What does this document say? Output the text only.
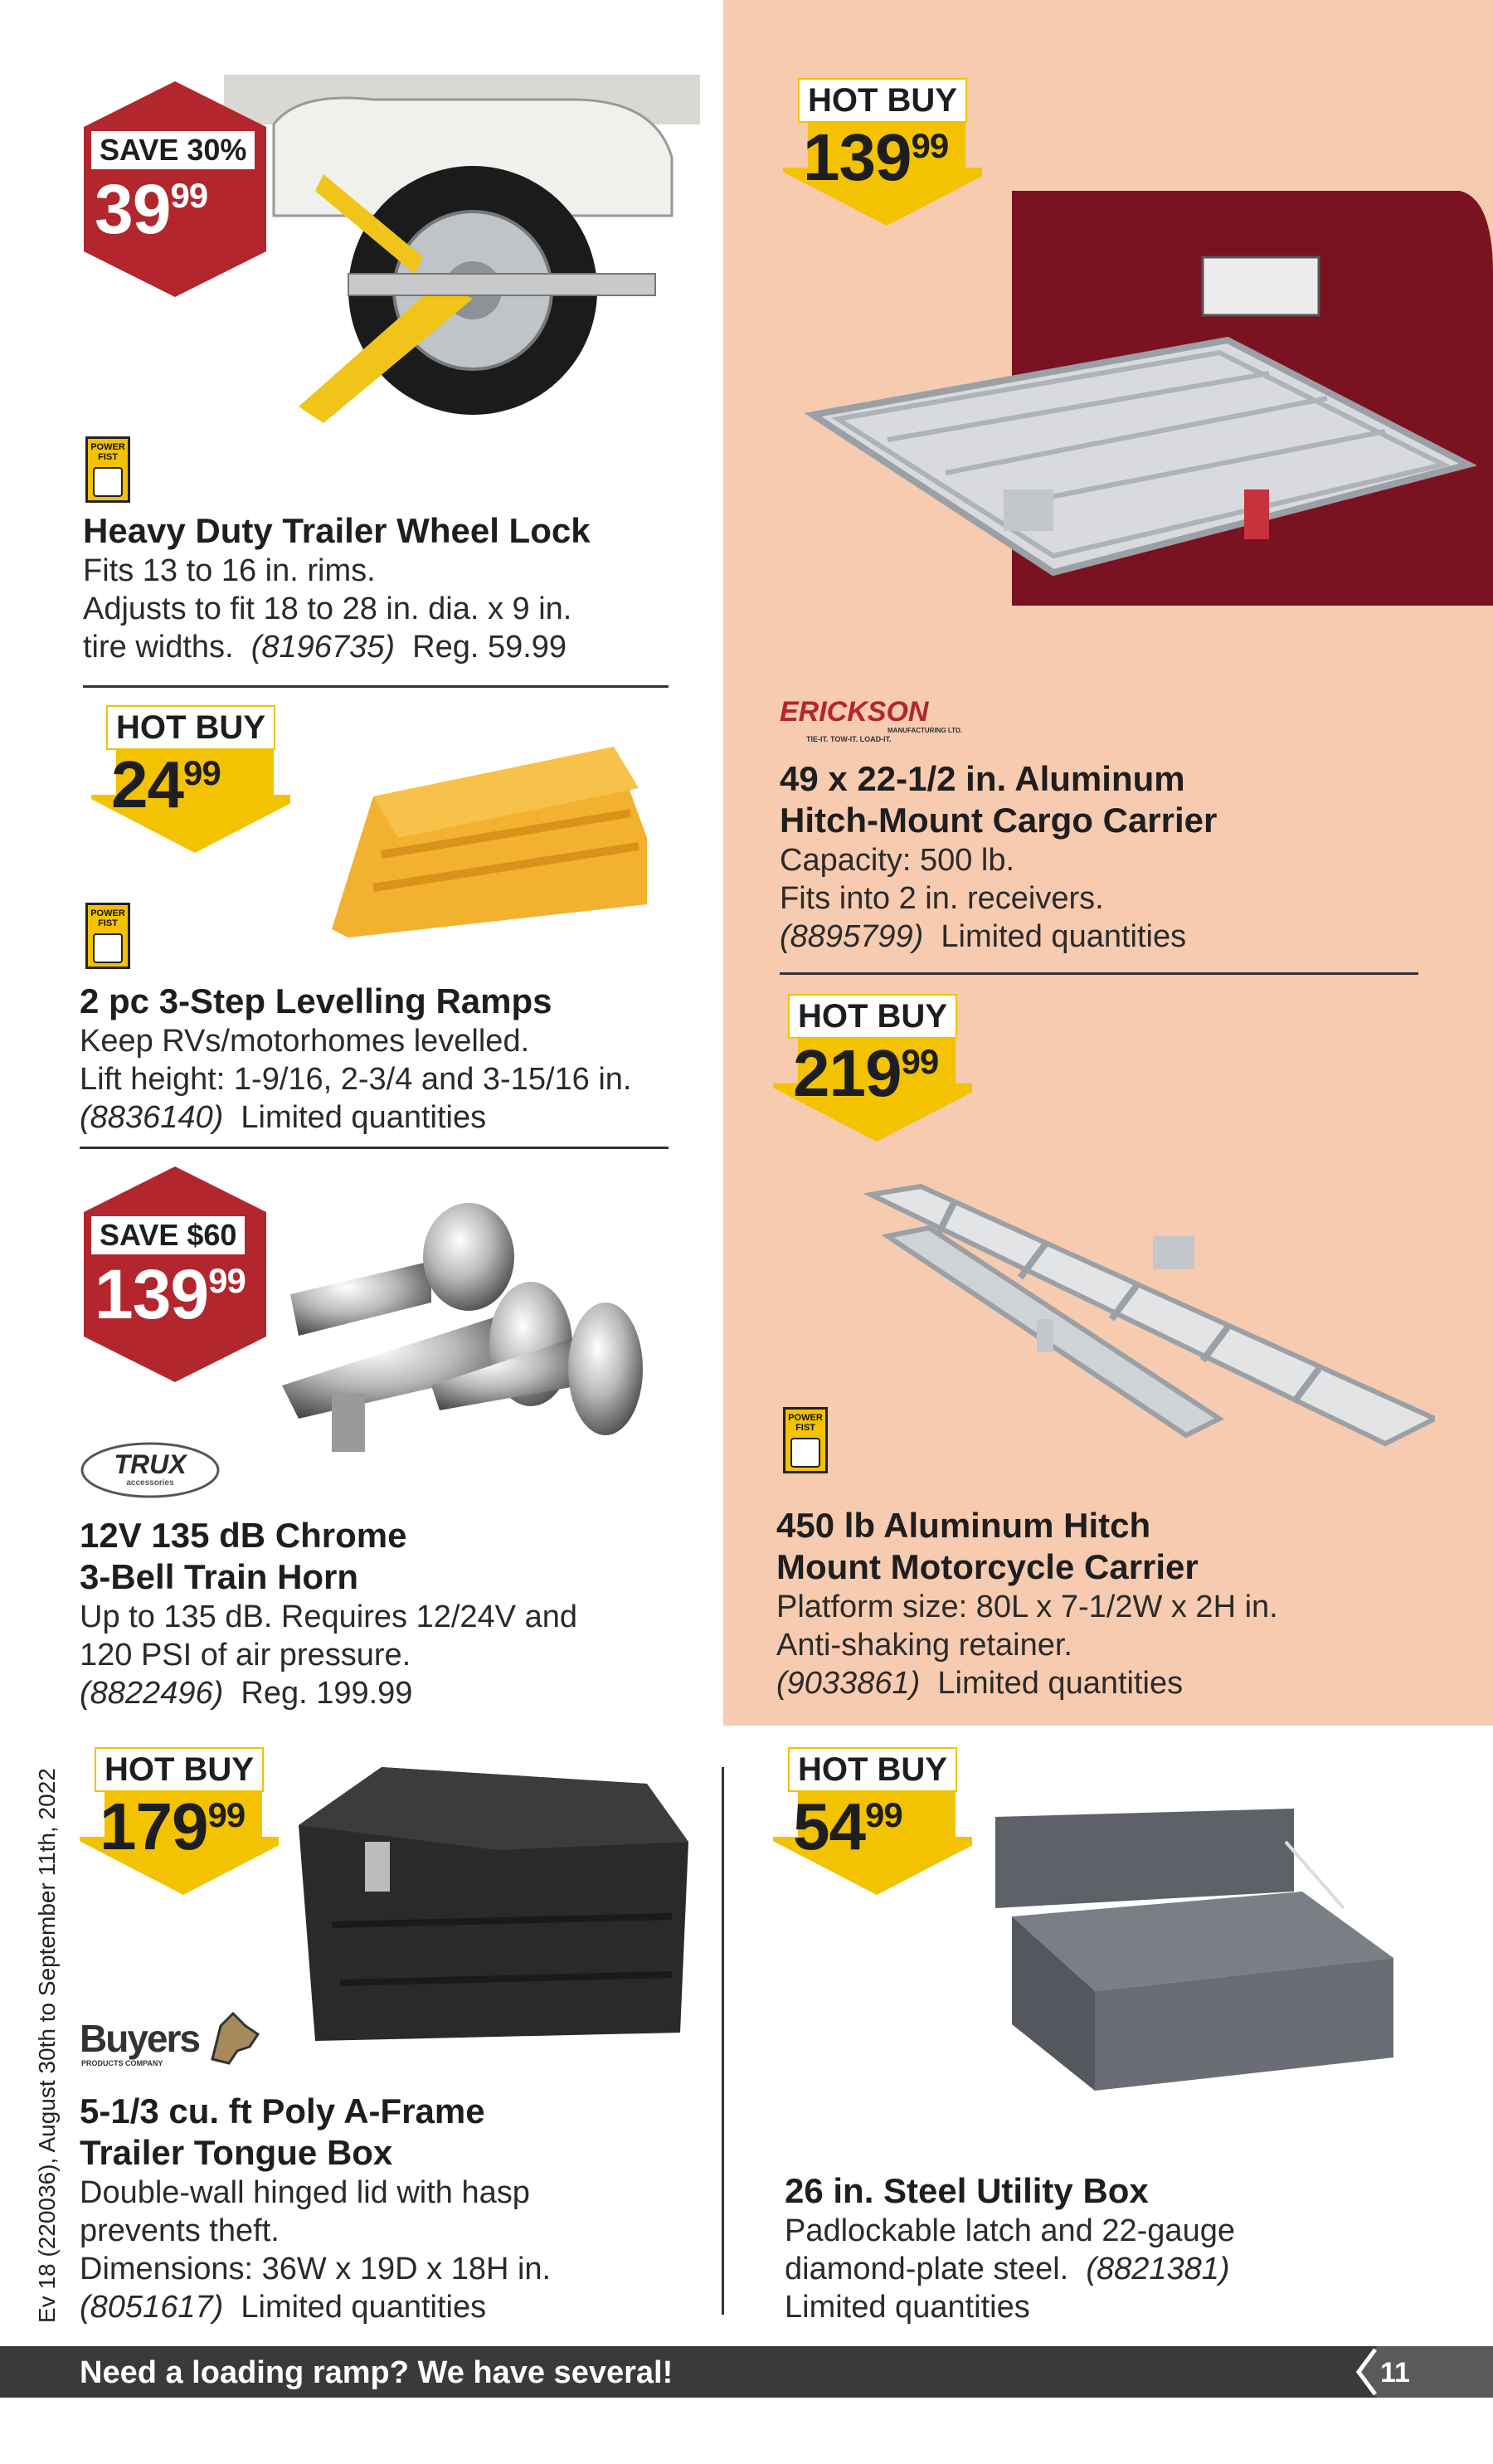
SAVE 30%
$39^{99}$
POWER FIST
Heavy Duty Trailer Wheel Lock
Fits 13 to 16 in. rims.
Adjusts to fit 18 to 28 in. dia. x 9 in.
tire widths. (8196735) Reg. 59.99
HOT BUY
$24^{99}$
POWER FIST
2 pc 3-Step Levelling Ramps
Keep RVs/motorhomes levelled.
Lift height: 1-9/16, 2-3/4 and 3-15/16 in.
(8836140) Limited quantities
SAVE $60
$139^{99}$
TRUX
accessories
12V 135 dB Chrome
3-Bell Train Horn
Up to 135 dB. Requires 12/24V and
120 PSI of air pressure.
(8822496) Reg. 199.99
HOT BUY
$179^{99}$
Buyers
PRODUCTS COMPANY
5-1/3 cu. ft Poly A-Frame
Trailer Tongue Box
Double-wall hinged lid with hasp
prevents theft.
Dimensions: 36W x 19D x 18H in.
(8051617) Limited quantities
HOT BUY
$139^{99}$
ERICKSON
MANUFACTURING LTD.
TIE-IT. TOW-IT. LOAD-IT.
49 x 22-1/2 in. Aluminum
Hitch-Mount Cargo Carrier
Capacity: 500 lb.
Fits into 2 in. receivers.
(8895799) Limited quantities
HOT BUY
$219^{99}$
POWER FIST
450 lb Aluminum Hitch
Mount Motorcycle Carrier
Platform size: 80L x 7-1/2W x 2H in.
Anti-shaking retainer.
(9033861) Limited quantities
HOT BUY
$54^{99}$
26 in. Steel Utility Box
Padlockable latch and 22-gauge
diamond-plate steel. (8821381)
Limited quantities
Ev 18 (220036), August 30th to September 11th, 2022
Need a loading ramp? We have several!	11
